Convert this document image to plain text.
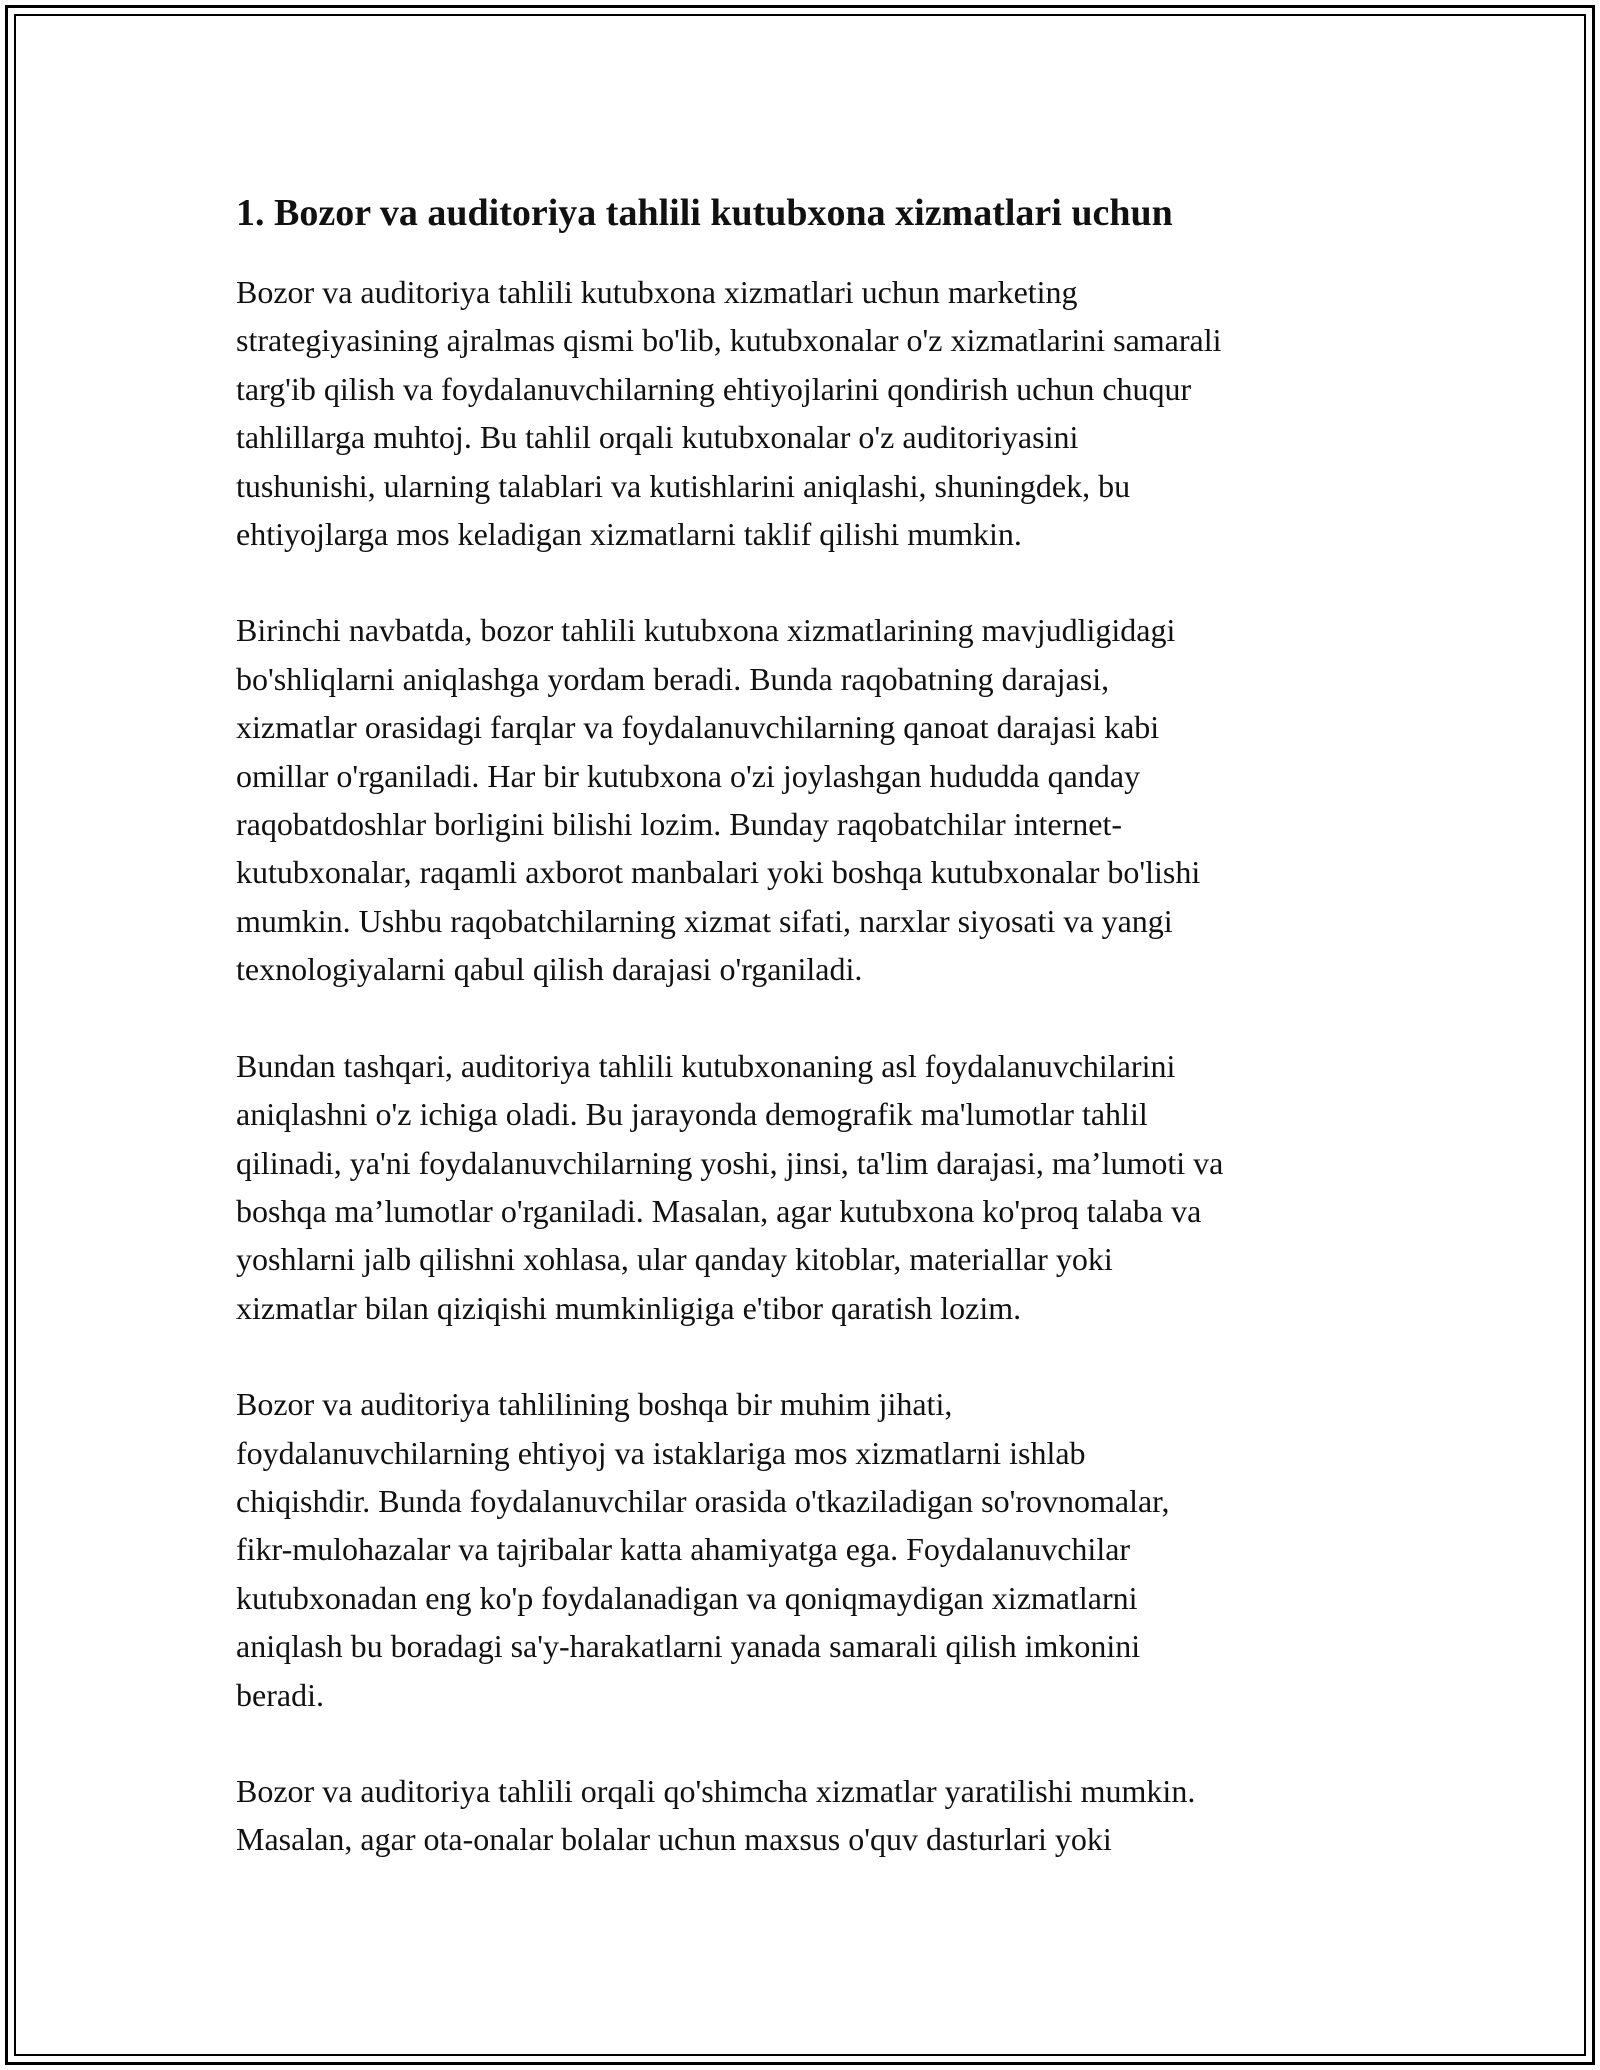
1. Bozor va auditoriya tahlili kutubxona xizmatlari uchun

Bozor va auditoriya tahlili kutubxona xizmatlari uchun marketing
strategiyasining ajralmas qismi bo'lib, kutubxonalar o'z xizmatlarini samarali
targ'ib qilish va foydalanuvchilarning ehtiyojlarini qondirish uchun chuqur
tahlillarga muhtoj. Bu tahlil orqali kutubxonalar o'z auditoriyasini
tushunishi, ularning talablari va kutishlarini aniqlashi, shuningdek, bu
ehtiyojlarga mos keladigan xizmatlarni taklif qilishi mumkin.

Birinchi navbatda, bozor tahlili kutubxona xizmatlarining mavjudligidagi
bo'shliqlarni aniqlashga yordam beradi. Bunda raqobatning darajasi,
xizmatlar orasidagi farqlar va foydalanuvchilarning qanoat darajasi kabi
omillar o'rganiladi. Har bir kutubxona o'zi joylashgan hududda qanday
raqobatdoshlar borligini bilishi lozim. Bunday raqobatchilar internet-
kutubxonalar, raqamli axborot manbalari yoki boshqa kutubxonalar bo'lishi
mumkin. Ushbu raqobatchilarning xizmat sifati, narxlar siyosati va yangi
texnologiyalarni qabul qilish darajasi o'rganiladi.

Bundan tashqari, auditoriya tahlili kutubxonaning asl foydalanuvchilarini
aniqlashni o'z ichiga oladi. Bu jarayonda demografik ma'lumotlar tahlil
qilinadi, ya'ni foydalanuvchilarning yoshi, jinsi, ta'lim darajasi, ma’lumoti va
boshqa ma’lumotlar o'rganiladi. Masalan, agar kutubxona ko'proq talaba va
yoshlarni jalb qilishni xohlasa, ular qanday kitoblar, materiallar yoki
xizmatlar bilan qiziqishi mumkinligiga e'tibor qaratish lozim.

Bozor va auditoriya tahlilining boshqa bir muhim jihati,
foydalanuvchilarning ehtiyoj va istaklariga mos xizmatlarni ishlab
chiqishdir. Bunda foydalanuvchilar orasida o'tkaziladigan so'rovnomalar,
fikr-mulohazalar va tajribalar katta ahamiyatga ega. Foydalanuvchilar
kutubxonadan eng ko'p foydalanadigan va qoniqmaydigan xizmatlarni
aniqlash bu boradagi sa'y-harakatlarni yanada samarali qilish imkonini
beradi.

Bozor va auditoriya tahlili orqali qo'shimcha xizmatlar yaratilishi mumkin.
Masalan, agar ota-onalar bolalar uchun maxsus o'quv dasturlari yoki
